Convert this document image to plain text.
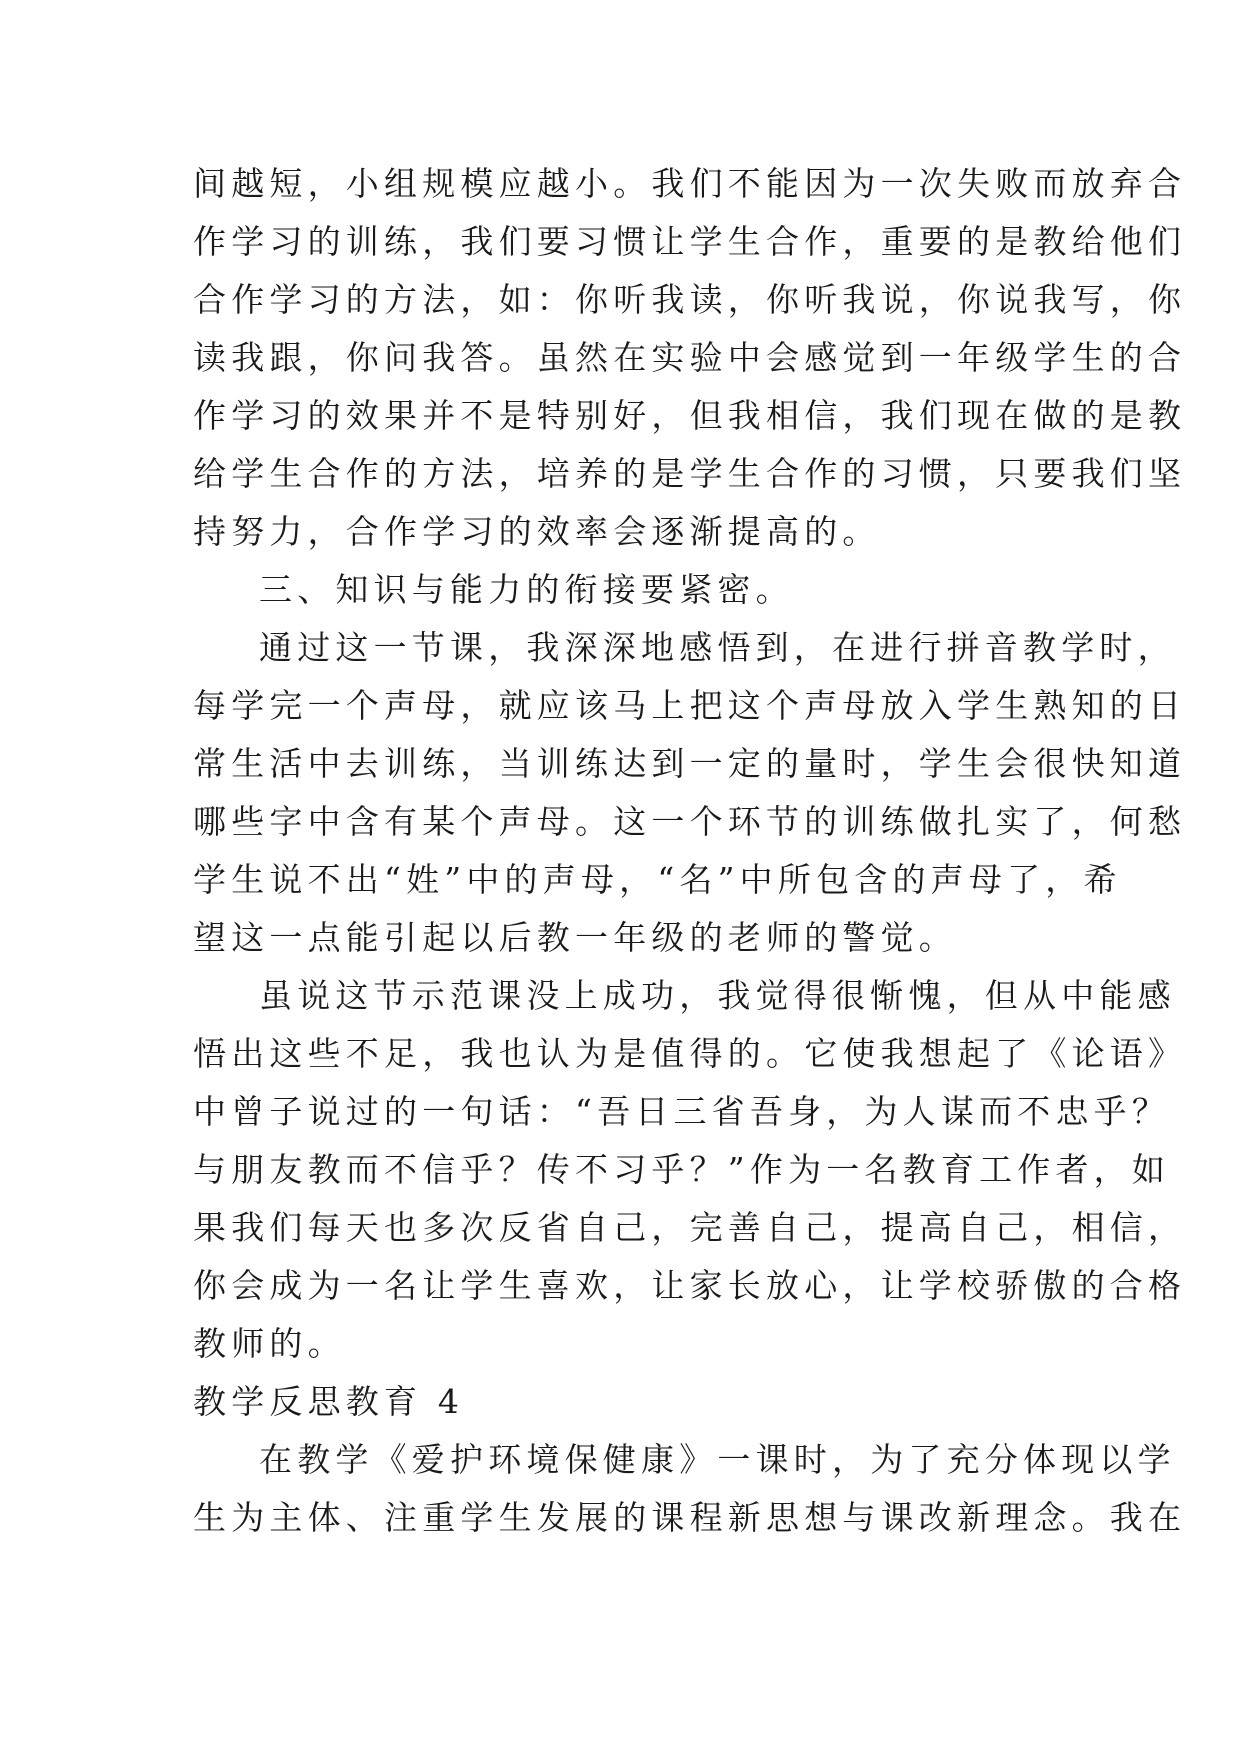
间越短，小组规模应越小。我们不能因为一次失败而放弃合
作学习的训练，我们要习惯让学生合作，重要的是教给他们
合作学习的方法，如：你听我读，你听我说，你说我写，你
读我跟，你问我答。虽然在实验中会感觉到一年级学生的合
作学习的效果并不是特别好，但我相信，我们现在做的是教
给学生合作的方法，培养的是学生合作的习惯，只要我们坚
持努力，合作学习的效率会逐渐提高的。
三、知识与能力的衔接要紧密。
通过这一节课，我深深地感悟到，在进行拼音教学时，
每学完一个声母，就应该马上把这个声母放入学生熟知的日
常生活中去训练，当训练达到一定的量时，学生会很快知道
哪些字中含有某个声母。这一个环节的训练做扎实了，何愁
学生说不出“姓”中的声母，“名”中所包含的声母了，希
望这一点能引起以后教一年级的老师的警觉。
虽说这节示范课没上成功，我觉得很惭愧，但从中能感
悟出这些不足，我也认为是值得的。它使我想起了《论语》
中曾子说过的一句话：“吾日三省吾身，为人谋而不忠乎？
与朋友教而不信乎？传不习乎？”作为一名教育工作者，如
果我们每天也多次反省自己，完善自己，提高自己，相信，
你会成为一名让学生喜欢，让家长放心，让学校骄傲的合格
教师的。
教学反思教育 4
在教学《爱护环境保健康》一课时，为了充分体现以学
生为主体、注重学生发展的课程新思想与课改新理念。我在
